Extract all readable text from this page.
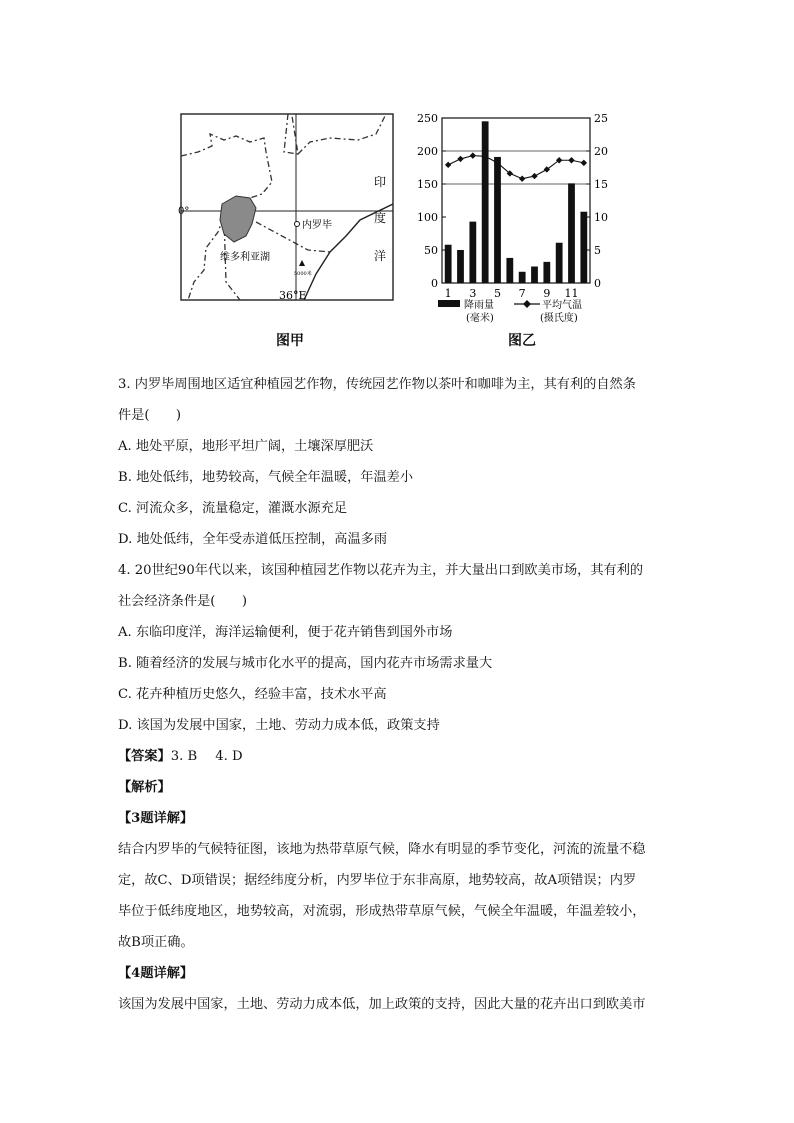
内罗毕
5000米
维多利亚湖
0°
36°E
印
度
洋
图甲
0
50
100
150
200
250
0
5
10
15
20
25
1 3 5 7 9 11
降雨量
(毫米)
平均气温
(摄氏度)
图乙
3. 内罗毕周围地区适宜种植园艺作物，传统园艺作物以茶叶和咖啡为主，其有利的自然条
件是(　　)
A. 地处平原，地形平坦广阔，土壤深厚肥沃
B. 地处低纬，地势较高，气候全年温暖，年温差小
C. 河流众多，流量稳定，灌溉水源充足
D. 地处低纬，全年受赤道低压控制，高温多雨
4. 20世纪90年代以来，该国种植园艺作物以花卉为主，并大量出口到欧美市场，其有利的
社会经济条件是(　　)
A. 东临印度洋，海洋运输便利，便于花卉销售到国外市场
B. 随着经济的发展与城市化水平的提高，国内花卉市场需求量大
C. 花卉种植历史悠久，经验丰富，技术水平高
D. 该国为发展中国家，土地、劳动力成本低，政策支持
【答案】3. B 4. D
【解析】
【3题详解】
结合内罗毕的气候特征图，该地为热带草原气候，降水有明显的季节变化，河流的流量不稳
定，故C、D项错误；据经纬度分析，内罗毕位于东非高原，地势较高，故A项错误；内罗
毕位于低纬度地区，地势较高，对流弱，形成热带草原气候，气候全年温暖，年温差较小，
故B项正确。
【4题详解】
该国为发展中国家，土地、劳动力成本低，加上政策的支持，因此大量的花卉出口到欧美市
